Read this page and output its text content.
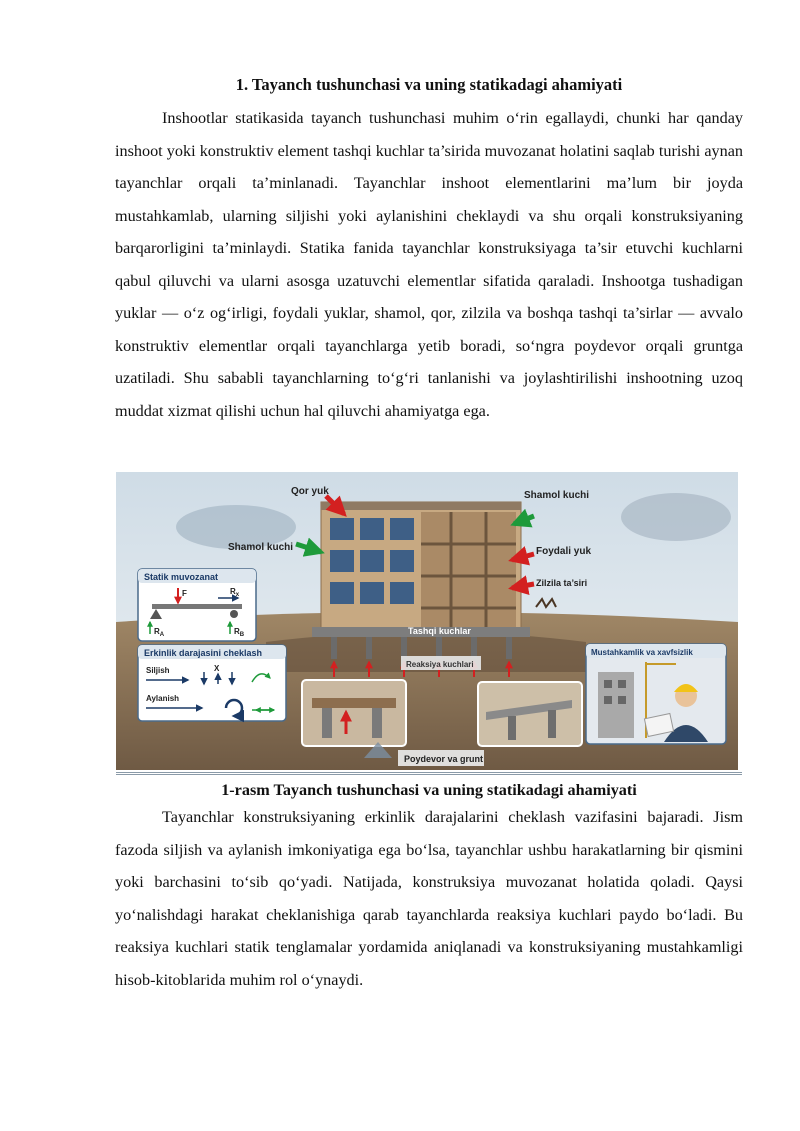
1. Tayanch tushunchasi va uning statikadagi ahamiyati
Inshootlar statikasida tayanch tushunchasi muhim o‘rin egallaydi, chunki har qanday inshoot yoki konstruktiv element tashqi kuchlar ta’sirida muvozanat holatini saqlab turishi aynan tayanchlar orqali ta’minlanadi. Tayanchlar inshoot elementlarini ma’lum bir joyda mustahkamlab, ularning siljishi yoki aylanishini cheklaydi va shu orqali konstruksiyaning barqarorligini ta’minlaydi. Statika fanida tayanchlar konstruksiyaga ta’sir etuvchi kuchlarni qabul qiluvchi va ularni asosga uzatuvchi elementlar sifatida qaraladi. Inshootga tushadigan yuklar — o‘z og‘irligi, foydali yuklar, shamol, qor, zilzila va boshqa tashqi ta’sirlar — avvalo konstruktiv elementlar orqali tayanchlarga yetib boradi, so‘ngra poydevor orqali gruntga uzatiladi. Shu sababli tayanchlarning to‘g‘ri tanlanishi va joylashtirilishi inshootning uzoq muddat xizmat qilishi uchun hal qiluvchi ahamiyatga ega.
Qor yuk	Shamol kuchi
Shamol kuchi	Foydali yuk
Zilzila ta’siri
Tashqi kuchlar
Reaksiya kuchlari
Statik muvozanat
F	$R_x$
$R_A$	$R_B$
Erkinlik darajasini cheklash
Siljish	X
Aylanish
Mustahkamlik va xavfsizlik
Poydevor va grunt
1-rasm Tayanch tushunchasi va uning statikadagi ahamiyati
Tayanchlar konstruksiyaning erkinlik darajalarini cheklash vazifasini bajaradi. Jism fazoda siljish va aylanish imkoniyatiga ega bo‘lsa, tayanchlar ushbu harakatlarning bir qismini yoki barchasini to‘sib qo‘yadi. Natijada, konstruksiya muvozanat holatida qoladi. Qaysi yo‘nalishdagi harakat cheklanishiga qarab tayanchlarda reaksiya kuchlari paydo bo‘ladi. Bu reaksiya kuchlari statik tenglamalar yordamida aniqlanadi va konstruksiyaning mustahkamligi hisob-kitoblarida muhim rol o‘ynaydi.
